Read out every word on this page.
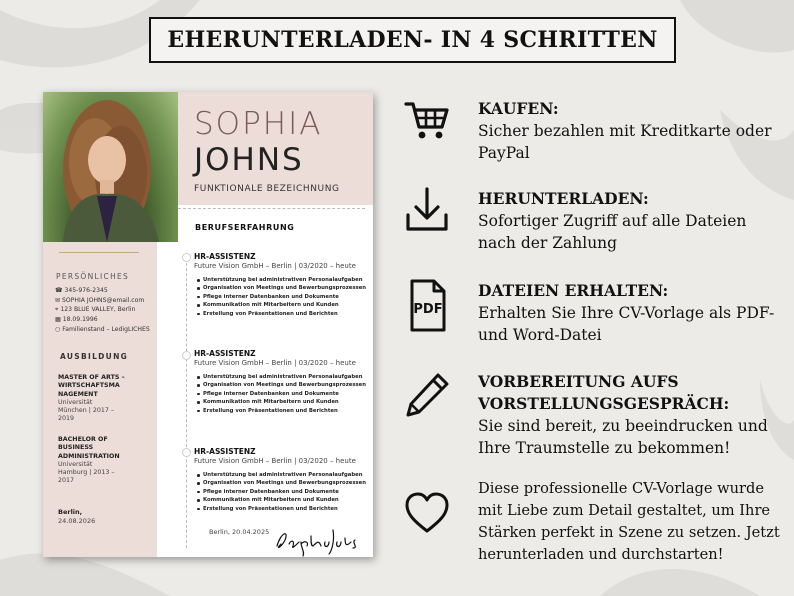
EHERUNTERLADEN- IN 4 SCHRITTEN
SOPHIA
JOHNS
FUNKTIONALE BEZEICHNUNG
PERSÖNLICHES
☎ 345-976-2345
✉ SOPHIA JOHNS@email.com
⌖ 123 BLUE VALLEY, Berlin
▦ 18.09.1996
○ Familienstand – LedigLICHES
AUSBILDUNG
MASTER OF ARTS –
WIRTSCHAFTSMA
NAGEMENT
Universität
München | 2017 –
2019
BACHELOR OF
BUSINESS
ADMINISTRATION
Universität
Hamburg | 2013 –
2017
Berlin,
24.08.2026
BERUFSERFAHRUNG
HR-ASSISTENZ
Future Vision GmbH – Berlin | 03/2020 – heute
Unterstützung bei administrativen Personalaufgaben
Organisation von Meetings und Bewerbungsprozessen
Pflege interner Datenbanken und Dokumente
Kommunikation mit Mitarbeitern und Kunden
Erstellung von Präsentationen und Berichten
HR-ASSISTENZ
Future Vision GmbH – Berlin | 03/2020 – heute
Unterstützung bei administrativen Personalaufgaben
Organisation von Meetings und Bewerbungsprozessen
Pflege interner Datenbanken und Dokumente
Kommunikation mit Mitarbeitern und Kunden
Erstellung von Präsentationen und Berichten
HR-ASSISTENZ
Future Vision GmbH – Berlin | 03/2020 – heute
Unterstützung bei administrativen Personalaufgaben
Organisation von Meetings und Bewerbungsprozessen
Pflege interner Datenbanken und Dokumente
Kommunikation mit Mitarbeitern und Kunden
Erstellung von Präsentationen und Berichten
Berlin, 20.04.2025
KAUFEN:
Sicher bezahlen mit Kreditkarte oder PayPal
HERUNTERLADEN:
Sofortiger Zugriff auf alle Dateien nach der Zahlung
PDF
DATEIEN ERHALTEN:
Erhalten Sie Ihre CV-Vorlage als PDF- und Word-Datei
VORBEREITUNG AUFS VORSTELLUNGSGESPRÄCH:
Sie sind bereit, zu beeindrucken und Ihre Traumstelle zu bekommen!
Diese professionelle CV-Vorlage wurde mit Liebe zum Detail gestaltet, um Ihre Stärken perfekt in Szene zu setzen. Jetzt herunterladen und durchstarten!
